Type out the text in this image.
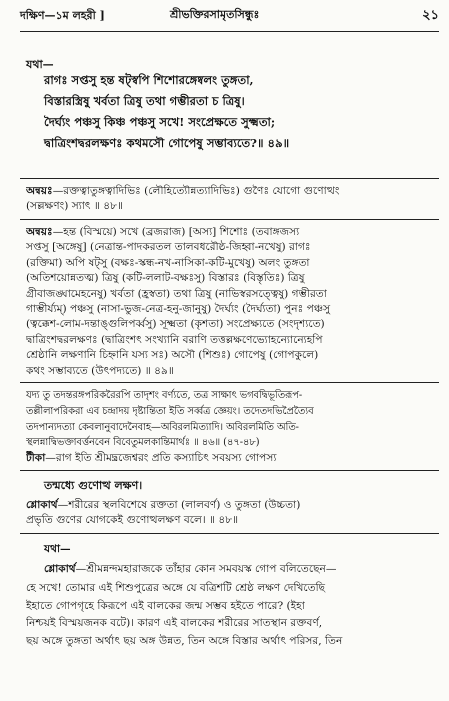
দক্ষিণ—১ম লহরী ]	শ্রীভক্তিরসামৃতসিন্ধুঃ	২১
যথা—
রাগঃ সপ্তসু হন্ত ষট্স্বপি শিশোরঙ্গেষ্বলং তুঙ্গতা,
বিস্তারস্ত্রিষু খর্বতা ত্রিষু তথা গম্ভীরতা চ ত্রিষু।
দৈর্ঘ্যং পঞ্চসু কিঞ্চ পঞ্চসু সখে! সংপ্রেক্ষতে সুক্ষ্মতা;
দ্বাত্রিংশদ্বরলক্ষণঃ কথমসৌ গোপেষু সম্ভাব্যতে?॥ ৪৯॥
অন্বয়ঃ—রক্তত্বাতুঙ্গত্বাদিভিঃ (লৌহিত্যৌন্নত্যাদিভিঃ) গুণৈঃ যোগো গুণোত্থং
(সল্লক্ষণং) স্যাৎ ॥ ৪৮॥
অন্বয়ঃ—হন্ত (বিস্ময়ে) সখে (ব্রজরাজ) [অস্য] শিশোঃ (তবাঙ্গজস্য
সপ্তসু [অঙ্গেষু] (নেত্রান্ত-পাদকরতল তালবধরৌষ্ঠ-জিহ্বা-নখেষু) রাগঃ
(রক্তিমা) অপি ষট্সু (বক্ষঃ-স্কন্ধ-নখ-নাসিকা-কটি-মুখেষু) অলং তুঙ্গতা
(অতিশয়োন্নতত্ম) ত্রিষু (কটি-ললাট-বক্ষঃসু) বিস্তারঃ (বিস্তৃতিঃ) ত্রিষু
গ্রীবাজঙ্ঘামেহনেষু) খর্বতা (হ্রস্বতা) তথা ত্রিষু (নাভিস্বরসত্ত্বেষু) গম্ভীরতা
গাম্ভীর্য্যম্) পঞ্চসু (নাসা-ভুজ-নেত্র-হনু-জানুষু) দৈর্ঘ্যং (দৈর্ঘ্যতা) পুনঃ পঞ্চসু
(ত্বক্কেশ-লোম-দন্তাঙ্গুলিপর্ব্বসু) সূক্ষ্মতা (কৃশতা) সংপ্রেক্ষ্যতে (সংদৃশ্যতে)
দ্বাত্রিংশদ্বরলক্ষণঃ (দ্বাত্রিংশৎ সংখ্যানি বরাণি তত্তল্লক্ষণেভ্যোহন্যোন্যেহপি
শ্রেষ্ঠানি লক্ষণানি চিহ্নানি যস্য সঃ) অসৌ (শিশুঃ) গোপেষু (গোপকুলে)
কথং সম্ভাব্যতে (উৎপদ্যতে) ॥ ৪৯॥
যদ্য তু তদন্তরঙ্গপরিকরৈরপি তাদৃশং বর্ণ্যতে, তত্র সাক্ষাৎ ভগবদ্বিভূতিরূপ-
তল্লীলাপরিকরা এব চন্দ্রাদয় দৃষ্টান্তিতা ইতি সর্ব্বত্র জ্ঞেয়ং। তদেতদভিপ্রৈত্যৈব
তদপান্যদত্যা কেবলানুবাদেনৈবাহ—অবিরলমিত্যাদি। অবিরলমিতি অতি-
স্থলন্নাদ্বিভক্তাবৰ্ত্তনবেন বিবেতুমলকান্তিমাৰ্থঃ ॥ ৪৬॥ (৪৭-৪৮)
টীকা—রাগ ইতি শ্রীমদ্ব্রজেশ্বরং প্রতি কস্যাচিৎ সবয়স্য গোপস্য
তন্মধ্যে গুণোত্থ লক্ষণ।
শ্লোকার্থ—শরীরের স্থলবিশেষে রক্ততা (লালবর্ণ) ও তুঙ্গতা (উচ্চতা)
প্রভৃতি গুণের যোগকেই গুণোত্থলক্ষণ বলে। ॥ ৪৮॥
যথা—
শ্লোকার্থ—শ্রীমন্নন্দমহারাজকে তাঁহার কোন সমবয়স্ক গোপ বলিতেছেন—
হে সখে! তোমার এই শিশুপুত্রের অঙ্গে যে বত্রিশটি শ্রেষ্ঠ লক্ষণ দেখিতেছি
ইহাতে গোপগৃহে কিরূপে এই বালকের জন্ম সম্ভব হইতে পারে? (ইহা
নিশ্চয়ই বিস্ময়জনক বটে)। কারণ এই বালকের শরীরের সাতস্থান রক্তবর্ণ,
ছয় অঙ্গে তুঙ্গতা অর্থাৎ ছয় অঙ্গ উন্নত, তিন অঙ্গে বিস্তার অর্থাৎ পরিসর, তিন
